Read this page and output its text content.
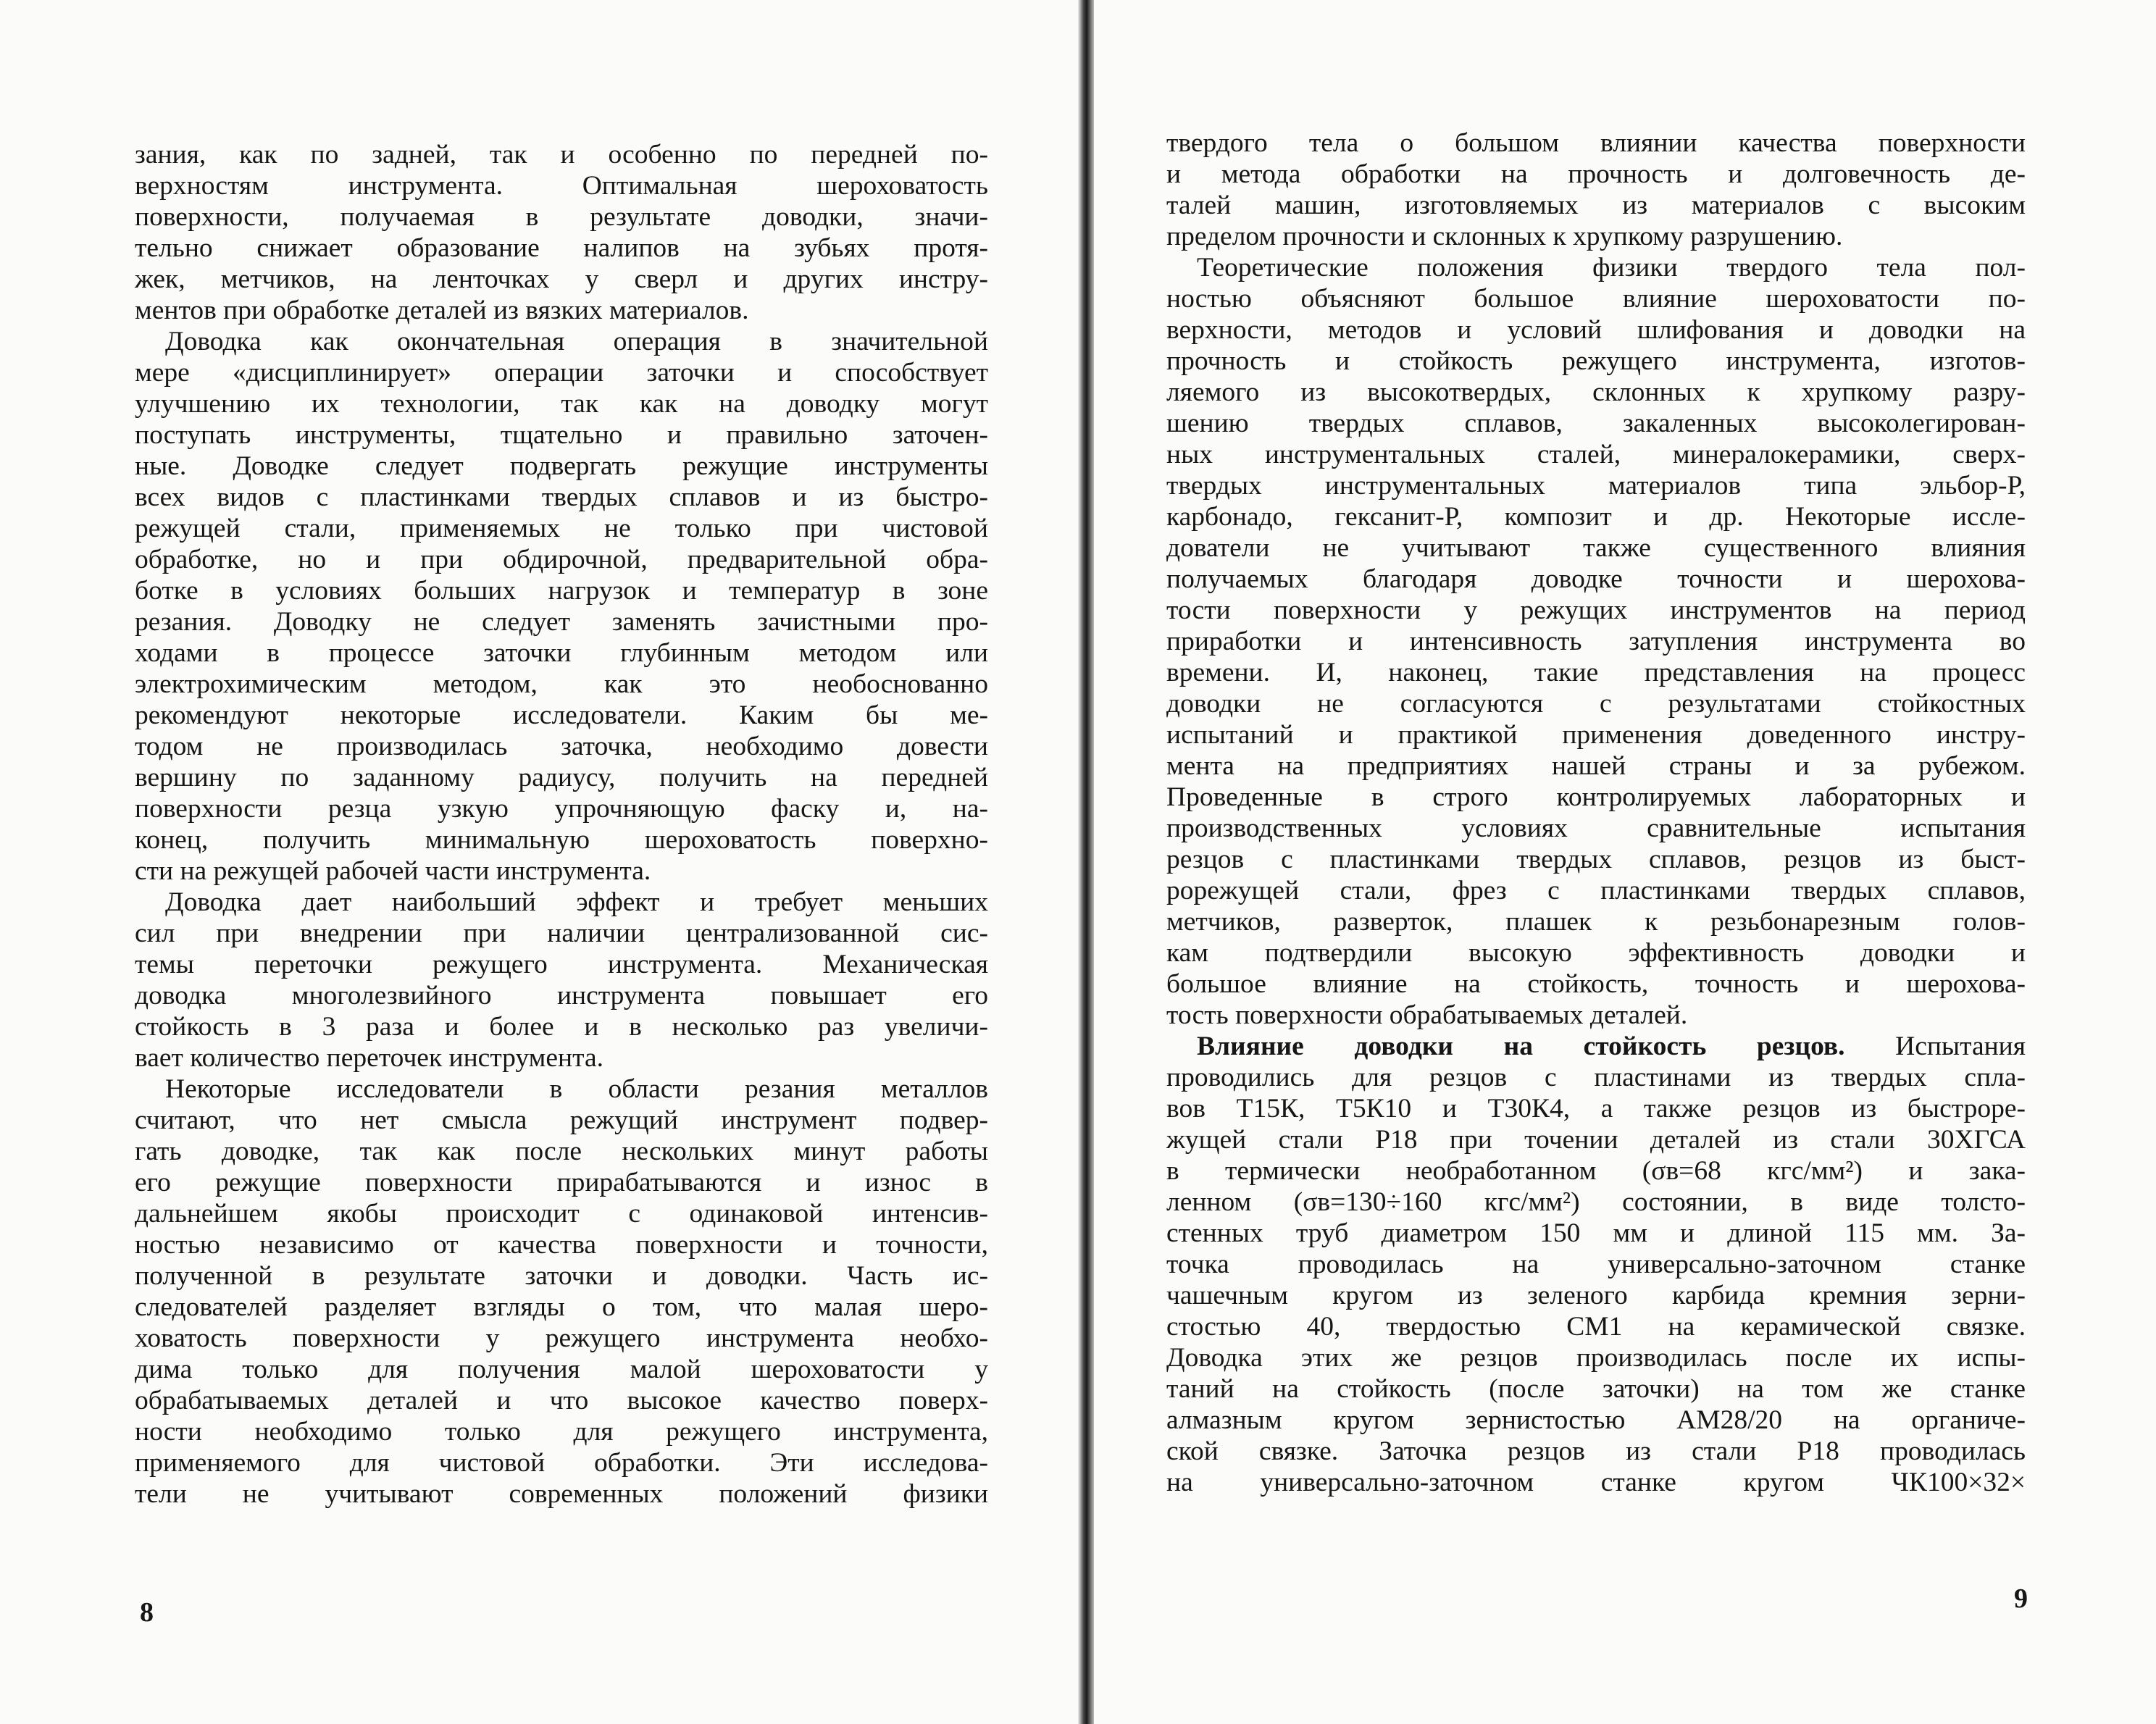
зания, как по задней, так и особенно по передней по-
верхностям инструмента. Оптимальная шероховатость
поверхности, получаемая в результате доводки, значи-
тельно снижает образование налипов на зубьях протя-
жек, метчиков, на ленточках у сверл и других инстру-
ментов при обработке деталей из вязких материалов.
Доводка как окончательная операция в значительной
мере «дисциплинирует» операции заточки и способствует
улучшению их технологии, так как на доводку могут
поступать инструменты, тщательно и правильно заточен-
ные. Доводке следует подвергать режущие инструменты
всех видов с пластинками твердых сплавов и из быстро-
режущей стали, применяемых не только при чистовой
обработке, но и при обдирочной, предварительной обра-
ботке в условиях больших нагрузок и температур в зоне
резания. Доводку не следует заменять зачистными про-
ходами в процессе заточки глубинным методом или
электрохимическим методом, как это необоснованно
рекомендуют некоторые исследователи. Каким бы ме-
тодом не производилась заточка, необходимо довести
вершину по заданному радиусу, получить на передней
поверхности резца узкую упрочняющую фаску и, на-
конец, получить минимальную шероховатость поверхно-
сти на режущей рабочей части инструмента.
Доводка дает наибольший эффект и требует меньших
сил при внедрении при наличии централизованной сис-
темы переточки режущего инструмента. Механическая
доводка многолезвийного инструмента повышает его
стойкость в 3 раза и более и в несколько раз увеличи-
вает количество переточек инструмента.
Некоторые исследователи в области резания металлов
считают, что нет смысла режущий инструмент подвер-
гать доводке, так как после нескольких минут работы
его режущие поверхности прирабатываются и износ в
дальнейшем якобы происходит с одинаковой интенсив-
ностью независимо от качества поверхности и точности,
полученной в результате заточки и доводки. Часть ис-
следователей разделяет взгляды о том, что малая шеро-
ховатость поверхности у режущего инструмента необхо-
дима только для получения малой шероховатости у
обрабатываемых деталей и что высокое качество поверх-
ности необходимо только для режущего инструмента,
применяемого для чистовой обработки. Эти исследова-
тели не учитывают современных положений физики
8
твердого тела о большом влиянии качества поверхности
и метода обработки на прочность и долговечность де-
талей машин, изготовляемых из материалов с высоким
пределом прочности и склонных к хрупкому разрушению.
Теоретические положения физики твердого тела пол-
ностью объясняют большое влияние шероховатости по-
верхности, методов и условий шлифования и доводки на
прочность и стойкость режущего инструмента, изготов-
ляемого из высокотвердых, склонных к хрупкому разру-
шению твердых сплавов, закаленных высоколегирован-
ных инструментальных сталей, минералокерамики, сверх-
твердых инструментальных материалов типа эльбор-Р,
карбонадо, гексанит-Р, композит и др. Некоторые иссле-
дователи не учитывают также существенного влияния
получаемых благодаря доводке точности и шерохова-
тости поверхности у режущих инструментов на период
приработки и интенсивность затупления инструмента во
времени. И, наконец, такие представления на процесс
доводки не согласуются с результатами стойкостных
испытаний и практикой применения доведенного инстру-
мента на предприятиях нашей страны и за рубежом.
Проведенные в строго контролируемых лабораторных и
производственных условиях сравнительные испытания
резцов с пластинками твердых сплавов, резцов из быст-
рорежущей стали, фрез с пластинками твердых сплавов,
метчиков, разверток, плашек к резьбонарезным голов-
кам подтвердили высокую эффективность доводки и
большое влияние на стойкость, точность и шерохова-
тость поверхности обрабатываемых деталей.
Влияние доводки на стойкость резцов. Испытания
проводились для резцов с пластинами из твердых спла-
вов Т15К, Т5К10 и Т30К4, а также резцов из быстроре-
жущей стали Р18 при точении деталей из стали 30ХГСА
в термически необработанном (σв=68 кгс/мм²) и зака-
ленном (σв=130÷160 кгс/мм²) состоянии, в виде толсто-
стенных труб диаметром 150 мм и длиной 115 мм. За-
точка проводилась на универсально-заточном станке
чашечным кругом из зеленого карбида кремния зерни-
стостью 40, твердостью СМ1 на керамической связке.
Доводка этих же резцов производилась после их испы-
таний на стойкость (после заточки) на том же станке
алмазным кругом зернистостью АМ28/20 на органиче-
ской связке. Заточка резцов из стали Р18 проводилась
на универсально-заточном станке кругом ЧК100×32×
9
